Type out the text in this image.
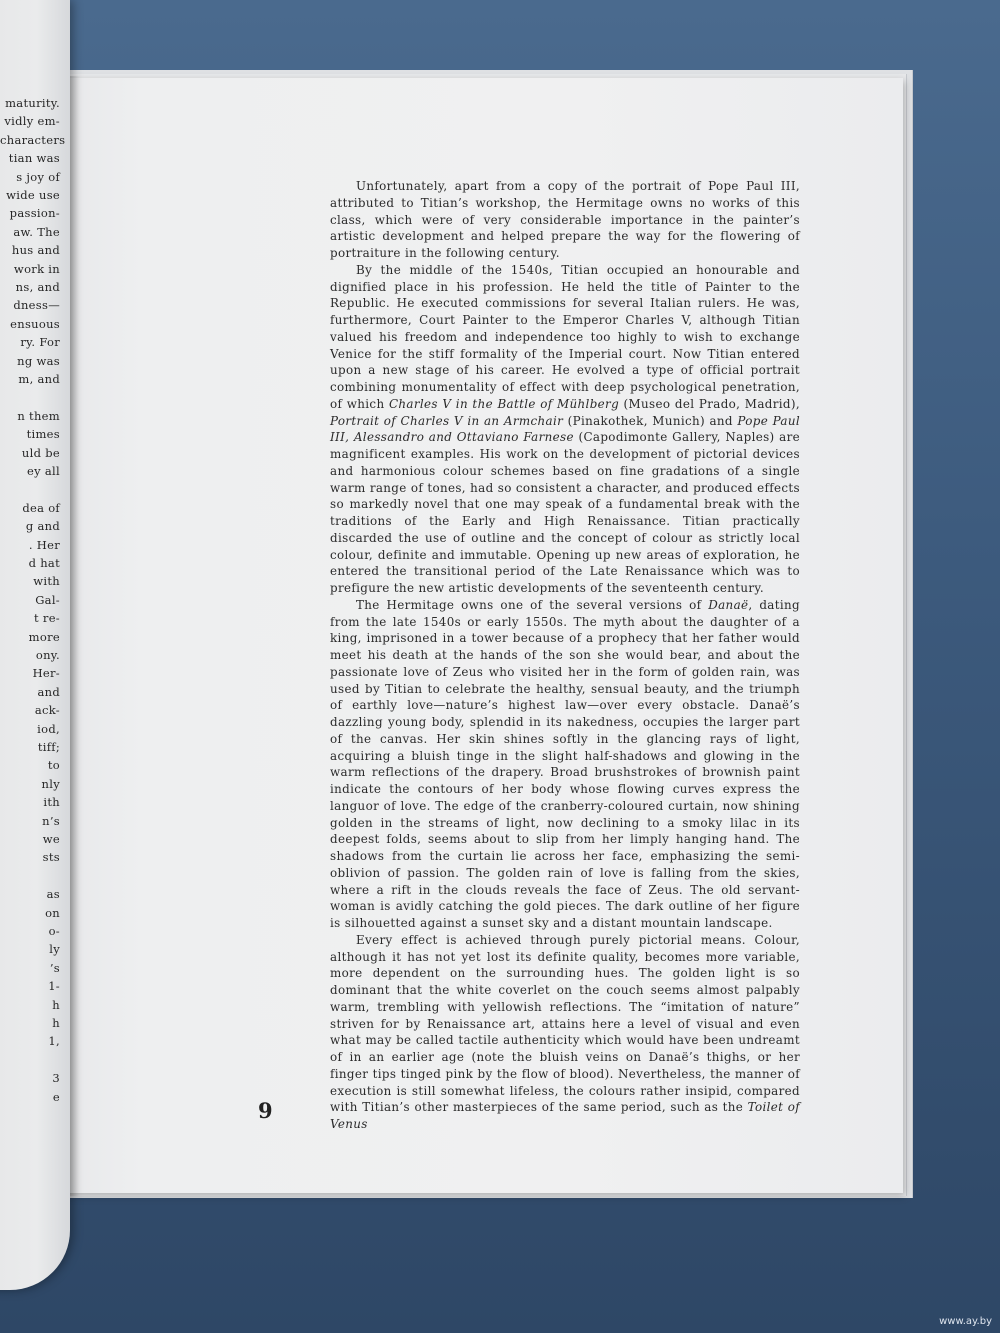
maturity.
vidly em-
characters
tian was
s joy of
wide use
passion-
aw. The
hus and
work in
ns, and
dness—
ensuous
ry. For
ng was
m, and
n them
times
uld be
ey all
dea of
g and
. Her
d hat
with
Gal-
t re-
more
ony.
Her-
and
ack-
iod,
tiff;
to
nly
ith
n’s
we
sts
as
on
o-
ly
’s
1-
h
h
1,
3
e

Unfortunately, apart from a copy of the portrait of Pope Paul III, attributed to Titian’s workshop, the Hermitage owns no works of this class, which were of very considerable importance in the painter’s artistic development and helped prepare the way for the flowering of portraiture in the following century.

By the middle of the 1540s, Titian occupied an honourable and dignified place in his profession. He held the title of Painter to the Republic. He executed commissions for several Italian rulers. He was, furthermore, Court Painter to the Emperor Charles V, although Titian valued his freedom and independence too highly to wish to exchange Venice for the stiff formality of the Imperial court. Now Titian entered upon a new stage of his career. He evolved a type of official portrait combining monumentality of effect with deep psychological penetration, of which Charles V in the Battle of Mühlberg (Museo del Prado, Madrid), Portrait of Charles V in an Armchair (Pinakothek, Munich) and Pope Paul III, Alessandro and Ottaviano Farnese (Capodimonte Gallery, Naples) are magnificent examples. His work on the development of pictorial devices and harmonious colour schemes based on fine gradations of a single warm range of tones, had so consistent a character, and produced effects so markedly novel that one may speak of a fundamental break with the traditions of the Early and High Renaissance. Titian practically discarded the use of outline and the concept of colour as strictly local colour, definite and immutable. Opening up new areas of exploration, he entered the transitional period of the Late Renaissance which was to prefigure the new artistic developments of the seventeenth century.

The Hermitage owns one of the several versions of Danaë, dating from the late 1540s or early 1550s. The myth about the daughter of a king, imprisoned in a tower because of a prophecy that her father would meet his death at the hands of the son she would bear, and about the passionate love of Zeus who visited her in the form of golden rain, was used by Titian to celebrate the healthy, sensual beauty, and the triumph of earthly love—nature’s highest law—over every obstacle. Danaë’s dazzling young body, splendid in its nakedness, occupies the larger part of the canvas. Her skin shines softly in the glancing rays of light, acquiring a bluish tinge in the slight half-shadows and glowing in the warm reflections of the drapery. Broad brushstrokes of brownish paint indicate the contours of her body whose flowing curves express the languor of love. The edge of the cranberry-coloured curtain, now shining golden in the streams of light, now declining to a smoky lilac in its deepest folds, seems about to slip from her limply hanging hand. The shadows from the curtain lie across her face, emphasizing the semi-oblivion of passion. The golden rain of love is falling from the skies, where a rift in the clouds reveals the face of Zeus. The old servant-woman is avidly catching the gold pieces. The dark outline of her figure is silhouetted against a sunset sky and a distant mountain landscape.

Every effect is achieved through purely pictorial means. Colour, although it has not yet lost its definite quality, becomes more variable, more dependent on the surrounding hues. The golden light is so dominant that the white coverlet on the couch seems almost palpably warm, trembling with yellowish reflections. The “imitation of nature” striven for by Renaissance art, attains here a level of visual and even what may be called tactile authenticity which would have been undreamt of in an earlier age (note the bluish veins on Danaë’s thighs, or her finger tips tinged pink by the flow of blood). Nevertheless, the manner of execution is still somewhat lifeless, the colours rather insipid, compared with Titian’s other masterpieces of the same period, such as the Toilet of Venus

9
www.ay.by
